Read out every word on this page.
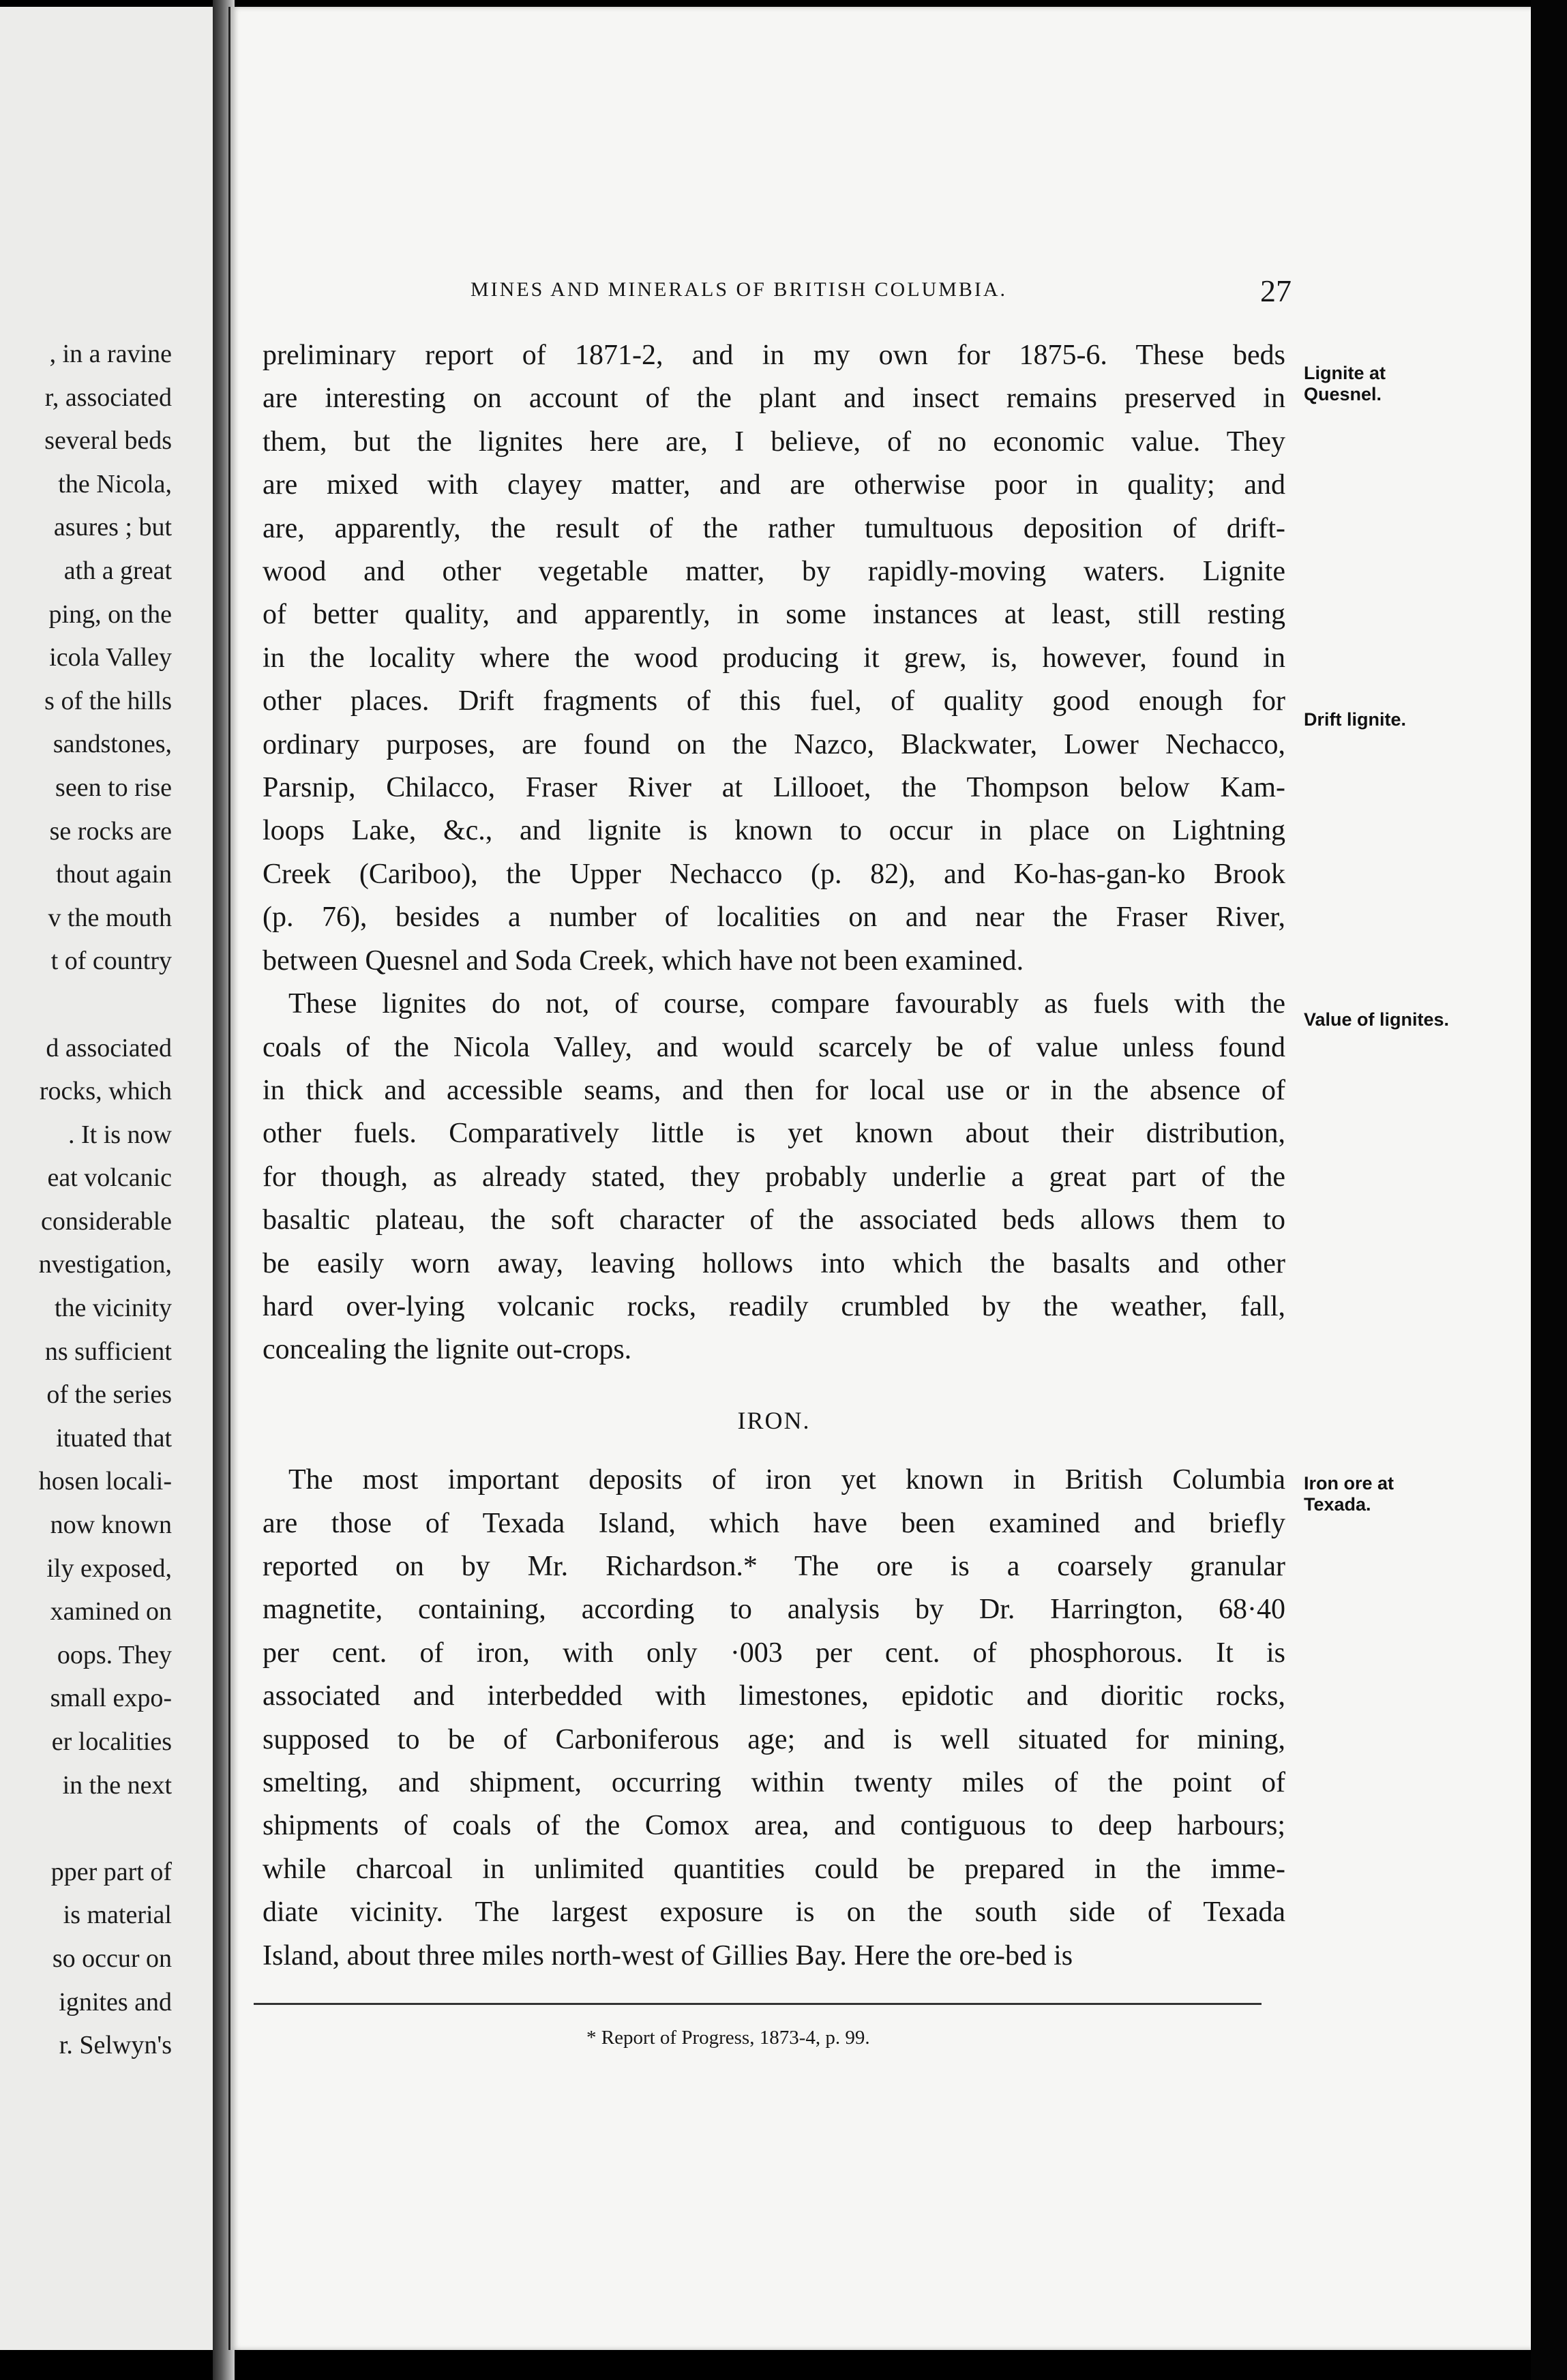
, in a ravine
r, associated
several beds
the Nicola,
asures ; but
ath a great
ping, on the
icola Valley
s of the hills
sandstones,
seen to rise
se rocks are
thout again
v the mouth
t of country
d associated
rocks, which
. It is now
eat volcanic
considerable
nvestigation,
the vicinity
ns sufficient
of the series
ituated that
hosen locali-
now known
ily exposed,
xamined on
oops. They
small expo-
er localities
in the next
pper part of
is material
so occur on
ignites and
r. Selwyn's
MINES AND MINERALS OF BRITISH COLUMBIA.	27
preliminary report of 1871-2, and in my own for 1875-6. These beds
are interesting on account of the plant and insect remains preserved in
them, but the lignites here are, I believe, of no economic value. They
are mixed with clayey matter, and are otherwise poor in quality; and
are, apparently, the result of the rather tumultuous deposition of drift-
wood and other vegetable matter, by rapidly-moving waters. Lignite
of better quality, and apparently, in some instances at least, still resting
in the locality where the wood producing it grew, is, however, found in
other places. Drift fragments of this fuel, of quality good enough for
ordinary purposes, are found on the Nazco, Blackwater, Lower Nechacco,
Parsnip, Chilacco, Fraser River at Lillooet, the Thompson below Kam-
loops Lake, &c., and lignite is known to occur in place on Lightning
Creek (Cariboo), the Upper Nechacco (p. 82), and Ko-has-gan-ko Brook
(p. 76), besides a number of localities on and near the Fraser River,
between Quesnel and Soda Creek, which have not been examined.
These lignites do not, of course, compare favourably as fuels with the
coals of the Nicola Valley, and would scarcely be of value unless found
in thick and accessible seams, and then for local use or in the absence of
other fuels. Comparatively little is yet known about their distribution,
for though, as already stated, they probably underlie a great part of the
basaltic plateau, the soft character of the associated beds allows them to
be easily worn away, leaving hollows into which the basalts and other
hard over-lying volcanic rocks, readily crumbled by the weather, fall,
concealing the lignite out-crops.
IRON.
The most important deposits of iron yet known in British Columbia
are those of Texada Island, which have been examined and briefly
reported on by Mr. Richardson.* The ore is a coarsely granular
magnetite, containing, according to analysis by Dr. Harrington, 68·40
per cent. of iron, with only ·003 per cent. of phosphorous. It is
associated and interbedded with limestones, epidotic and dioritic rocks,
supposed to be of Carboniferous age; and is well situated for mining,
smelting, and shipment, occurring within twenty miles of the point of
shipments of coals of the Comox area, and contiguous to deep harbours;
while charcoal in unlimited quantities could be prepared in the imme-
diate vicinity. The largest exposure is on the south side of Texada
Island, about three miles north-west of Gillies Bay. Here the ore-bed is
Lignite at
Quesnel.
Drift lignite.
Value of lignites.
Iron ore at
Texada.
* Report of Progress, 1873-4, p. 99.
